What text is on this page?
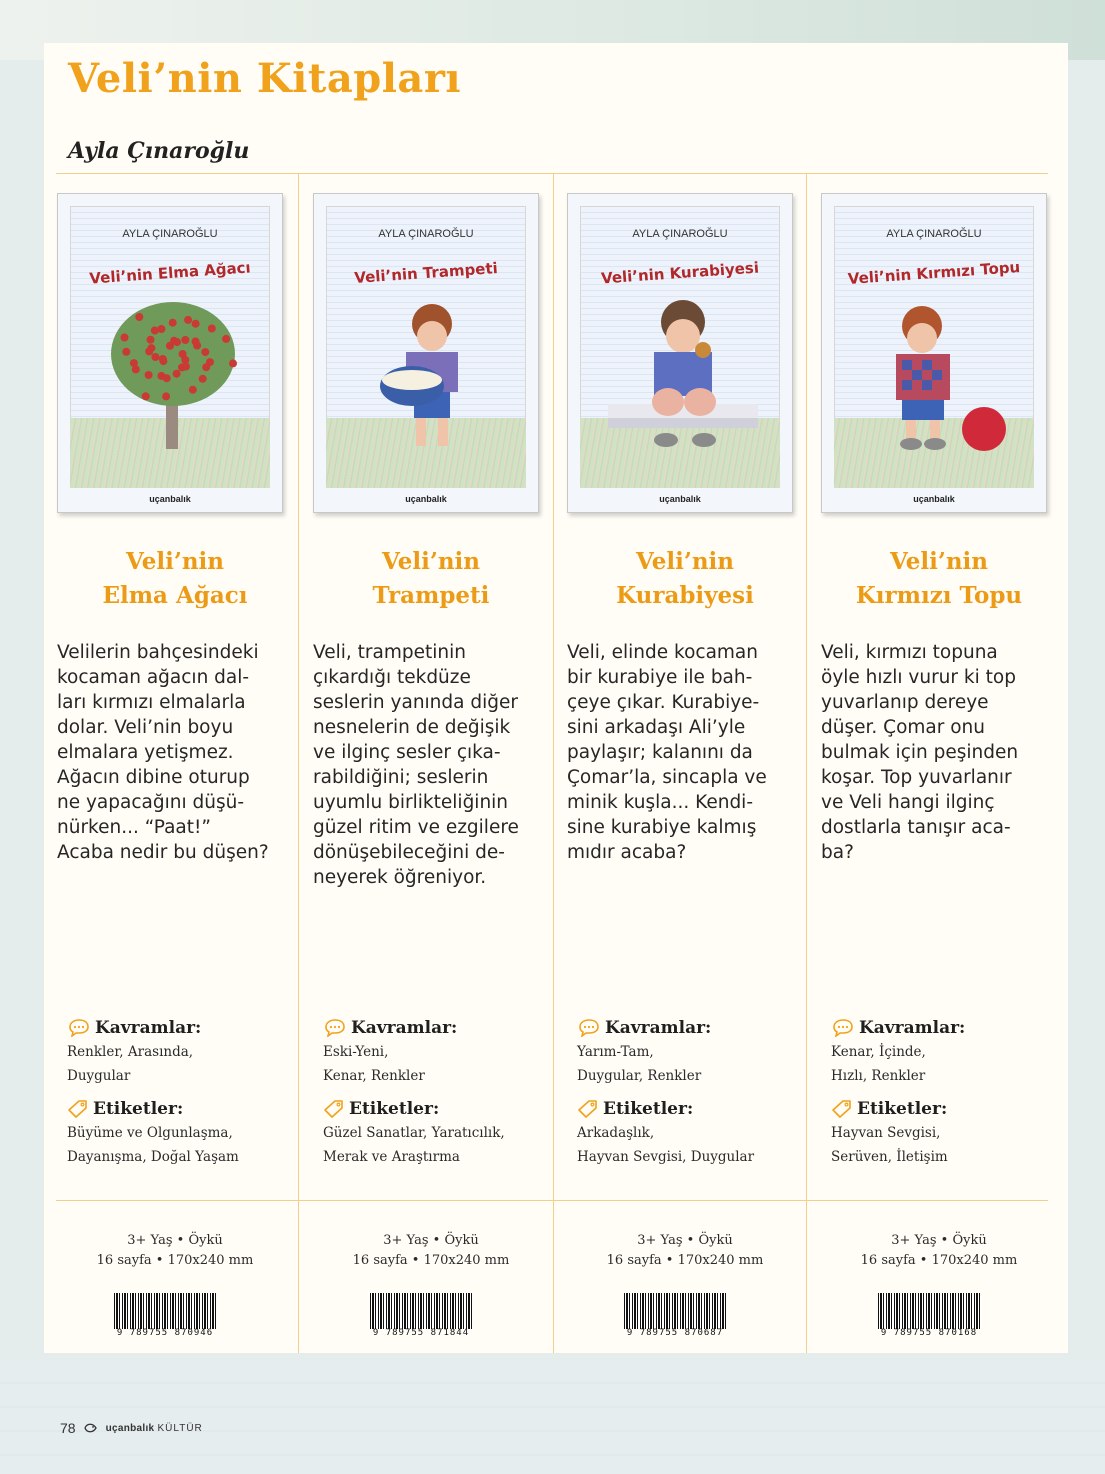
Veli’nin Kitapları
Ayla Çınaroğlu
AYLA ÇINAROĞLU
Veli’nin Elma Ağacı
uçanbalık
Veli’nin
Elma Ağacı
Velilerin bahçesindeki
kocaman ağacın dal-
ları kırmızı elmalarla
dolar. Veli’nin boyu
elmalara yetişmez.
Ağacın dibine oturup
ne yapacağını düşü-
nürken... “Paat!”
Acaba nedir bu düşen?
Kavramlar:
Renkler, Arasında,
Duygular
Etiketler:
Büyüme ve Olgunlaşma,
Dayanışma, Doğal Yaşam
3+ Yaş • Öykü
16 sayfa • 170x240 mm
9 789755 870946
AYLA ÇINAROĞLU
Veli’nin Trampeti
uçanbalık
Veli’nin
Trampeti
Veli, trampetinin
çıkardığı tekdüze
seslerin yanında diğer
nesnelerin de değişik
ve ilginç sesler çıka-
rabildiğini; seslerin
uyumlu birlikteliğinin
güzel ritim ve ezgilere
dönüşebileceğini de-
neyerek öğreniyor.
Kavramlar:
Eski-Yeni,
Kenar, Renkler
Etiketler:
Güzel Sanatlar, Yaratıcılık,
Merak ve Araştırma
3+ Yaş • Öykü
16 sayfa • 170x240 mm
9 789755 871844
AYLA ÇINAROĞLU
Veli’nin Kurabiyesi
uçanbalık
Veli’nin
Kurabiyesi
Veli, elinde kocaman
bir kurabiye ile bah-
çeye çıkar. Kurabiye-
sini arkadaşı Ali’yle
paylaşır; kalanını da
Çomar’la, sincapla ve
minik kuşla... Kendi-
sine kurabiye kalmış
mıdır acaba?
Kavramlar:
Yarım-Tam,
Duygular, Renkler
Etiketler:
Arkadaşlık,
Hayvan Sevgisi, Duygular
3+ Yaş • Öykü
16 sayfa • 170x240 mm
9 789755 870687
AYLA ÇINAROĞLU
Veli’nin Kırmızı Topu
uçanbalık
Veli’nin
Kırmızı Topu
Veli, kırmızı topuna
öyle hızlı vurur ki top
yuvarlanıp dereye
düşer. Çomar onu
bulmak için peşinden
koşar. Top yuvarlanır
ve Veli hangi ilginç
dostlarla tanışır aca-
ba?
Kavramlar:
Kenar, İçinde,
Hızlı, Renkler
Etiketler:
Hayvan Sevgisi,
Serüven, İletişim
3+ Yaş • Öykü
16 sayfa • 170x240 mm
9 789755 870168
78	uçanbalık KÜLTÜR
